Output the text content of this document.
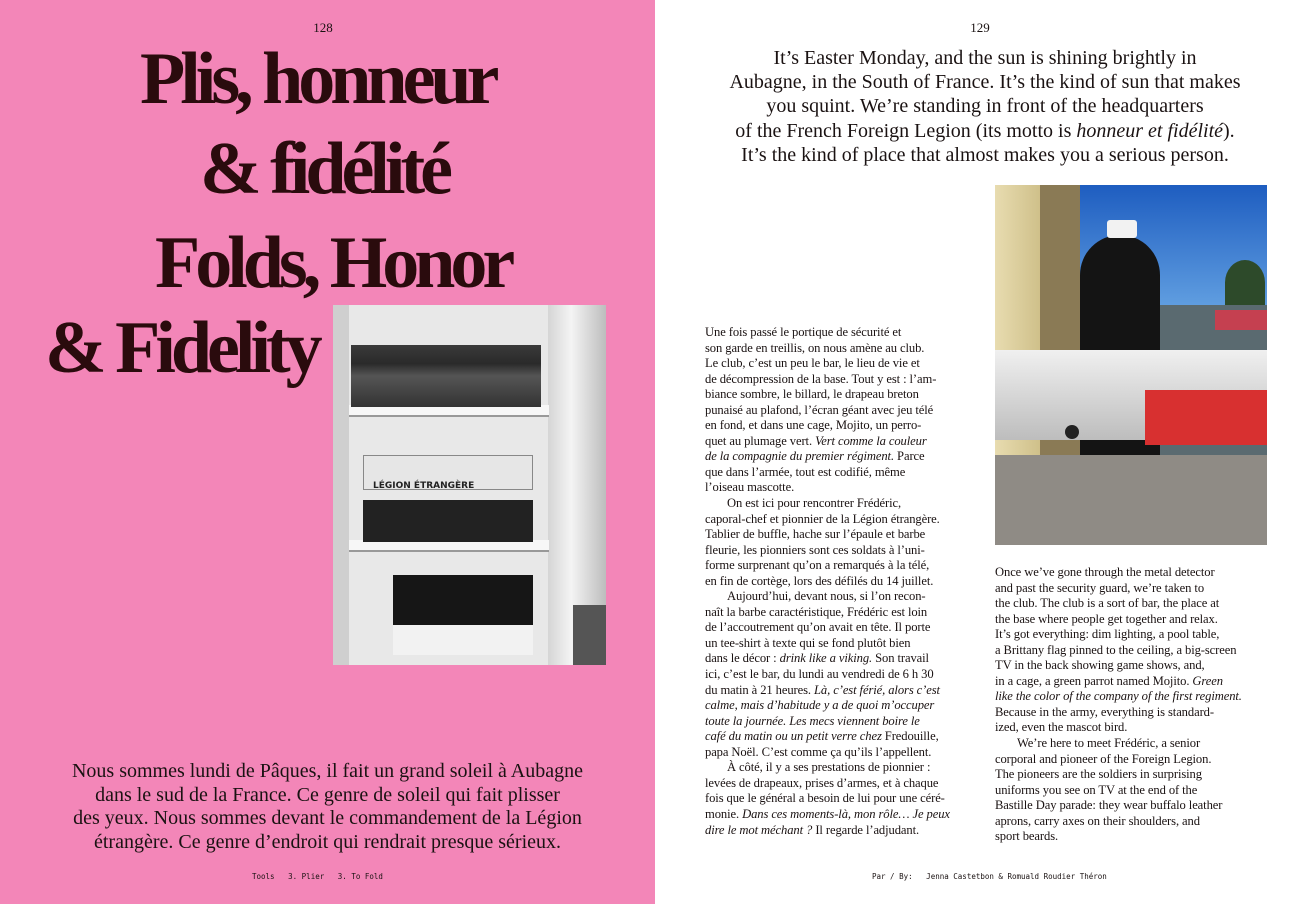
128
Plis, honneur
& fidélité
Folds, Honor
& Fidelity
LÉGION ÉTRANGÈRE
Nous sommes lundi de Pâques, il fait un grand soleil à Aubagne
dans le sud de la France. Ce genre de soleil qui fait plisser
des yeux. Nous sommes devant le commandement de la Légion
étrangère. Ce genre d’endroit qui rendrait presque sérieux.
Tools   3. Plier   3. To Fold
129
It’s Easter Monday, and the sun is shining brightly in
Aubagne, in the South of France. It’s the kind of sun that makes
you squint. We’re standing in front of the headquarters
of the French Foreign Legion (its motto is honneur et fidélité).
It’s the kind of place that almost makes you a serious person.
Une fois passé le portique de sécurité et
son garde en treillis, on nous amène au club.
Le club, c’est un peu le bar, le lieu de vie et
de décompression de la base. Tout y est : l’am-
biance sombre, le billard, le drapeau breton
punaisé au plafond, l’écran géant avec jeu télé
en fond, et dans une cage, Mojito, un perro-
quet au plumage vert. Vert comme la couleur
de la compagnie du premier régiment. Parce
que dans l’armée, tout est codifié, même
l’oiseau mascotte.
On est ici pour rencontrer Frédéric,
caporal-chef et pionnier de la Légion étrangère.
Tablier de buffle, hache sur l’épaule et barbe
fleurie, les pionniers sont ces soldats à l’uni-
forme surprenant qu’on a remarqués à la télé,
en fin de cortège, lors des défilés du 14 juillet.
Aujourd’hui, devant nous, si l’on recon-
naît la barbe caractéristique, Frédéric est loin
de l’accoutrement qu’on avait en tête. Il porte
un tee-shirt à texte qui se fond plutôt bien
dans le décor : drink like a viking. Son travail
ici, c’est le bar, du lundi au vendredi de 6 h 30
du matin à 21 heures. Là, c’est férié, alors c’est
calme, mais d’habitude y a de quoi m’occuper
toute la journée. Les mecs viennent boire le
café du matin ou un petit verre chez Fredouille,
papa Noël. C’est comme ça qu’ils l’appellent.
À côté, il y a ses prestations de pionnier :
levées de drapeaux, prises d’armes, et à chaque
fois que le général a besoin de lui pour une céré-
monie. Dans ces moments-là, mon rôle… Je peux
dire le mot méchant ? Il regarde l’adjudant.
Once we’ve gone through the metal detector
and past the security guard, we’re taken to
the club. The club is a sort of bar, the place at
the base where people get together and relax.
It’s got everything: dim lighting, a pool table,
a Brittany flag pinned to the ceiling, a big-screen
TV in the back showing game shows, and,
in a cage, a green parrot named Mojito. Green
like the color of the company of the first regiment.
Because in the army, everything is standard-
ized, even the mascot bird.
We’re here to meet Frédéric, a senior
corporal and pioneer of the Foreign Legion.
The pioneers are the soldiers in surprising
uniforms you see on TV at the end of the
Bastille Day parade: they wear buffalo leather
aprons, carry axes on their shoulders, and
sport beards.
Par / By:   Jenna Castetbon & Romuald Roudier Théron
